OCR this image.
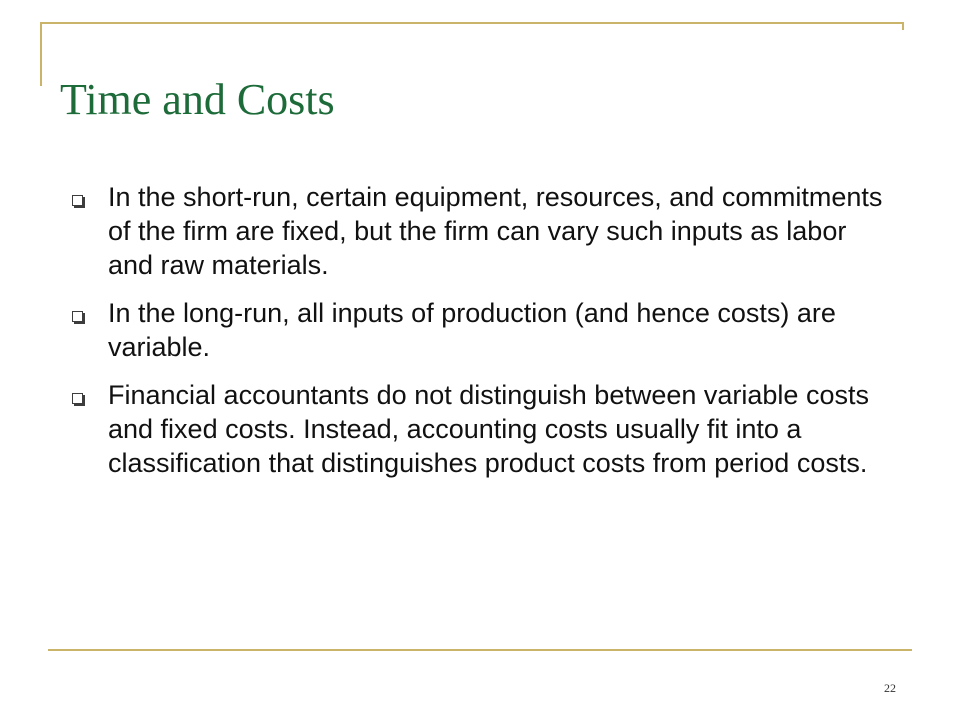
Time and Costs
In the short-run, certain equipment, resources, and commitments of the firm are fixed, but the firm can vary such inputs as labor and raw materials.
In the long-run, all inputs of production (and hence costs) are variable.
Financial accountants do not distinguish between variable costs and fixed costs. Instead, accounting costs usually fit into a classification that distinguishes product costs from period costs.
22
